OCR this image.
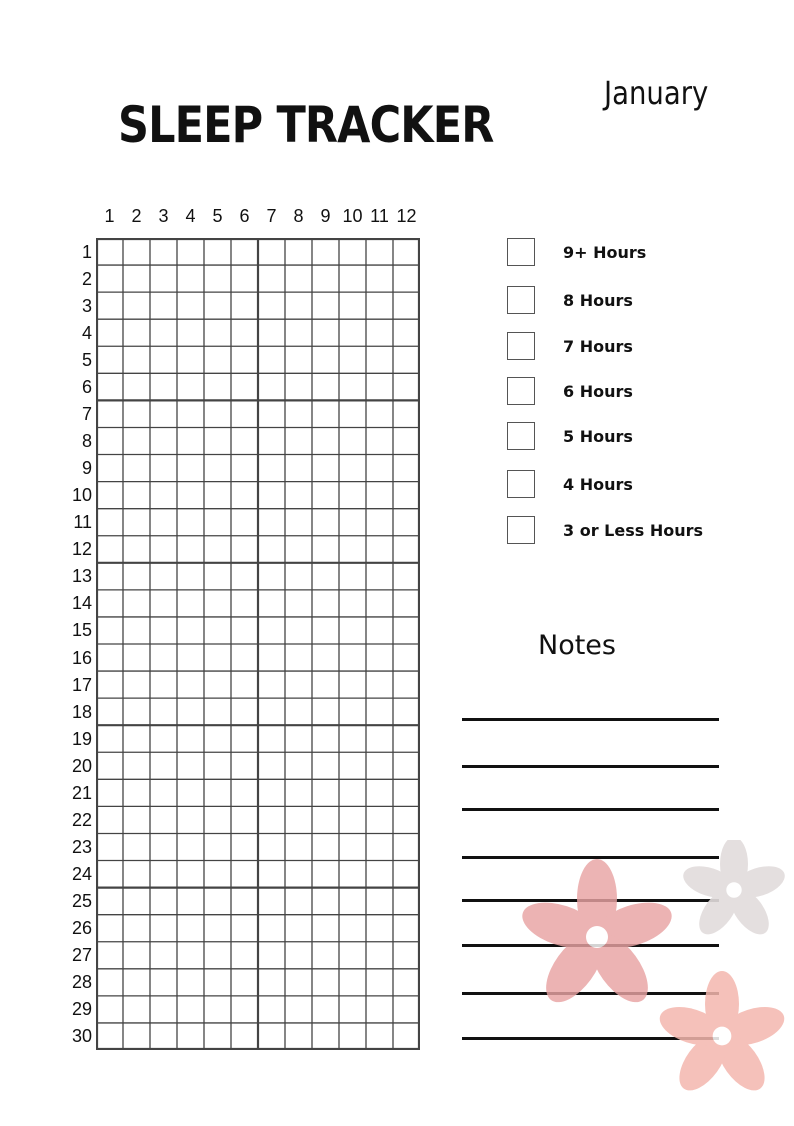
SLEEP TRACKER
January
1 2 3 4 5 6 7 8 9 10 11 12
1
2
3
4
5
6
7
8
9
10
11
12
13
14
15
16
17
18
19
20
21
22
23
24
25
26
27
28
29
30
9+ Hours
8 Hours
7 Hours
6 Hours
5 Hours
4 Hours
3 or Less Hours
Notes
